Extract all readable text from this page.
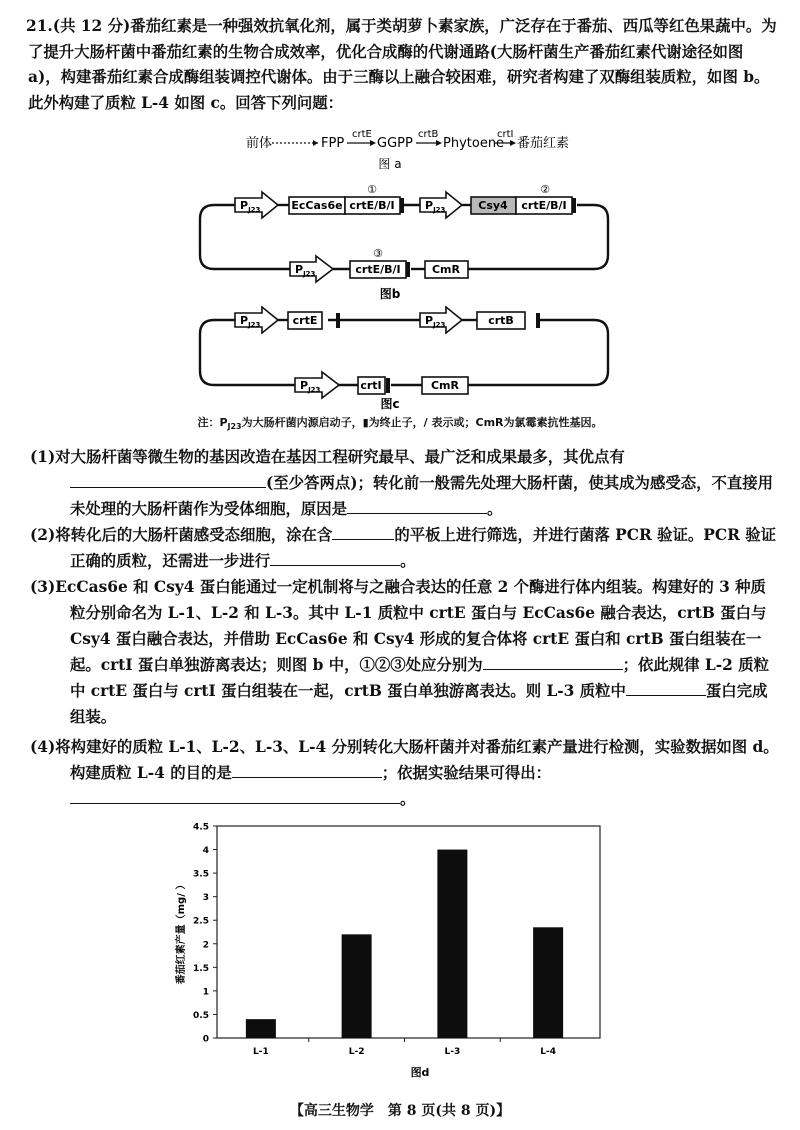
21.(共 12 分)番茄红素是一种强效抗氧化剂，属于类胡萝卜素家族，广泛存在于番茄、西瓜等红色果蔬中。为了提升大肠杆菌中番茄红素的生物合成效率，优化合成酶的代谢通路(大肠杆菌生产番茄红素代谢途径如图 a)，构建番茄红素合成酶组装调控代谢体。由于三酶以上融合较困难，研究者构建了双酶组装质粒，如图 b。此外构建了质粒 L-4 如图 c。回答下列问题：
前体	FPP
crtE
GGPP
crtB
Phytoene
crtI
番茄红素
图 a
$P_{J23}$	EcCas6e crtE/B/I
①
$P_{J23}$	Csy4 crtE/B/I
②
$P_{J23}$	crtE/B/I
③
CmR
图b
$P_{J23}$	crtE	$P_{J23}$	crtB
$P_{J23}$	crtI	CmR
图c
注：$P_{J23}$为大肠杆菌内源启动子，▮为终止子，/ 表示或；CmR为氯霉素抗性基因。
(1)对大肠杆菌等微生物的基因改造在基因工程研究最早、最广泛和成果最多，其优点有
(至少答两点)；转化前一般需先处理大肠杆菌，使其成为感受态，不直接用未处理的大肠杆菌作为受体细胞，原因是	。
(2)将转化后的大肠杆菌感受态细胞，涂在含	的平板上进行筛选，并进行菌落 PCR 验证。PCR 验证正确的质粒，还需进一步进行	。
(3)EcCas6e 和 Csy4 蛋白能通过一定机制将与之融合表达的任意 2 个酶进行体内组装。构建好的 3 种质粒分别命名为 L-1、L-2 和 L-3。其中 L-1 质粒中 crtE 蛋白与 EcCas6e 融合表达，crtB 蛋白与 Csy4 蛋白融合表达，并借助 EcCas6e 和 Csy4 形成的复合体将 crtE 蛋白和 crtB 蛋白组装在一起。crtI 蛋白单独游离表达；则图 b 中，①②③处应分别为	；依此规律 L-2 质粒中 crtE 蛋白与 crtI 蛋白组装在一起，crtB 蛋白单独游离表达。则 L-3 质粒中	蛋白完成组装。
(4)将构建好的质粒 L-1、L-2、L-3、L-4 分别转化大肠杆菌并对番茄红素产量进行检测，实验数据如图 d。构建质粒 L-4 的目的是	；依据实验结果可得出：。
0
0.5
1
1.5
2
2.5
3
3.5
4
4.5
L-1	L-2	L-3	L-4
番茄红素产量（mg/ ）
图d
【高三生物学　第 8 页(共 8 页)】
